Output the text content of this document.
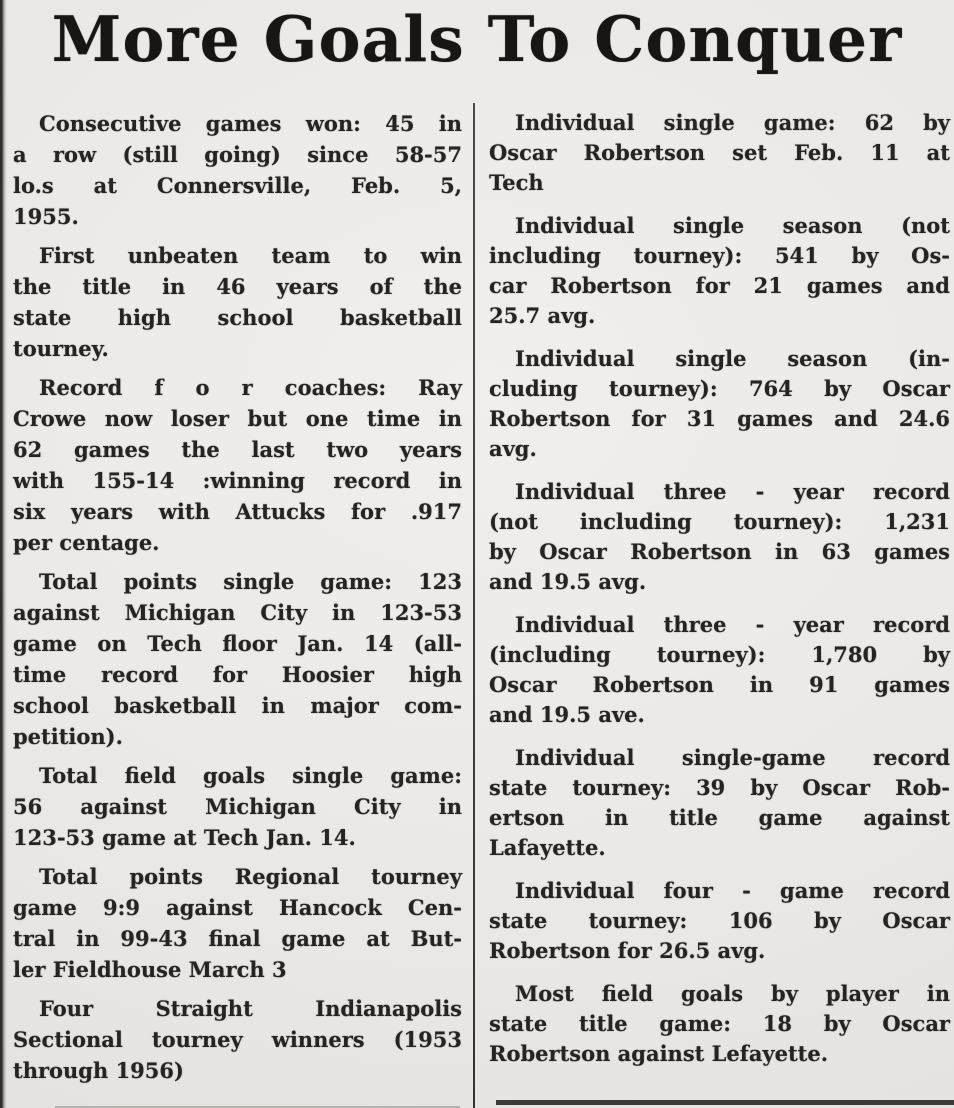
More Goals To Conquer
Consecutive games won: 45 in
a row (still going) since 58-57
lo.s at Connersville, Feb. 5,
1955.
First unbeaten team to win
the title in 46 years of the
state high school basketball
tourney.
Record f o r coaches: Ray
Crowe now loser but one time in
62 games the last two years
with 155-14 :winning record in
six years with Attucks for .917
per centage.
Total points single game: 123
against Michigan City in 123-53
game on Tech floor Jan. 14 (all-
time record for Hoosier high
school basketball in major com-
petition).
Total field goals single game:
56 against Michigan City in
123-53 game at Tech Jan. 14.
Total points Regional tourney
game 9:9 against Hancock Cen-
tral in 99-43 final game at But-
ler Fieldhouse March 3
Four Straight Indianapolis
Sectional tourney winners (1953
through 1956)
Individual single game: 62 by
Oscar Robertson set Feb. 11 at
Tech
Individual single season (not
including tourney): 541 by Os-
car Robertson for 21 games and
25.7 avg.
Individual single season (in-
cluding tourney): 764 by Oscar
Robertson for 31 games and 24.6
avg.
Individual three - year record
(not including tourney): 1,231
by Oscar Robertson in 63 games
and 19.5 avg.
Individual three - year record
(including tourney): 1,780 by
Oscar Robertson in 91 games
and 19.5 ave.
Individual single-game record
state tourney: 39 by Oscar Rob-
ertson in title game against
Lafayette.
Individual four - game record
state tourney: 106 by Oscar
Robertson for 26.5 avg.
Most field goals by player in
state title game: 18 by Oscar
Robertson against Lefayette.
